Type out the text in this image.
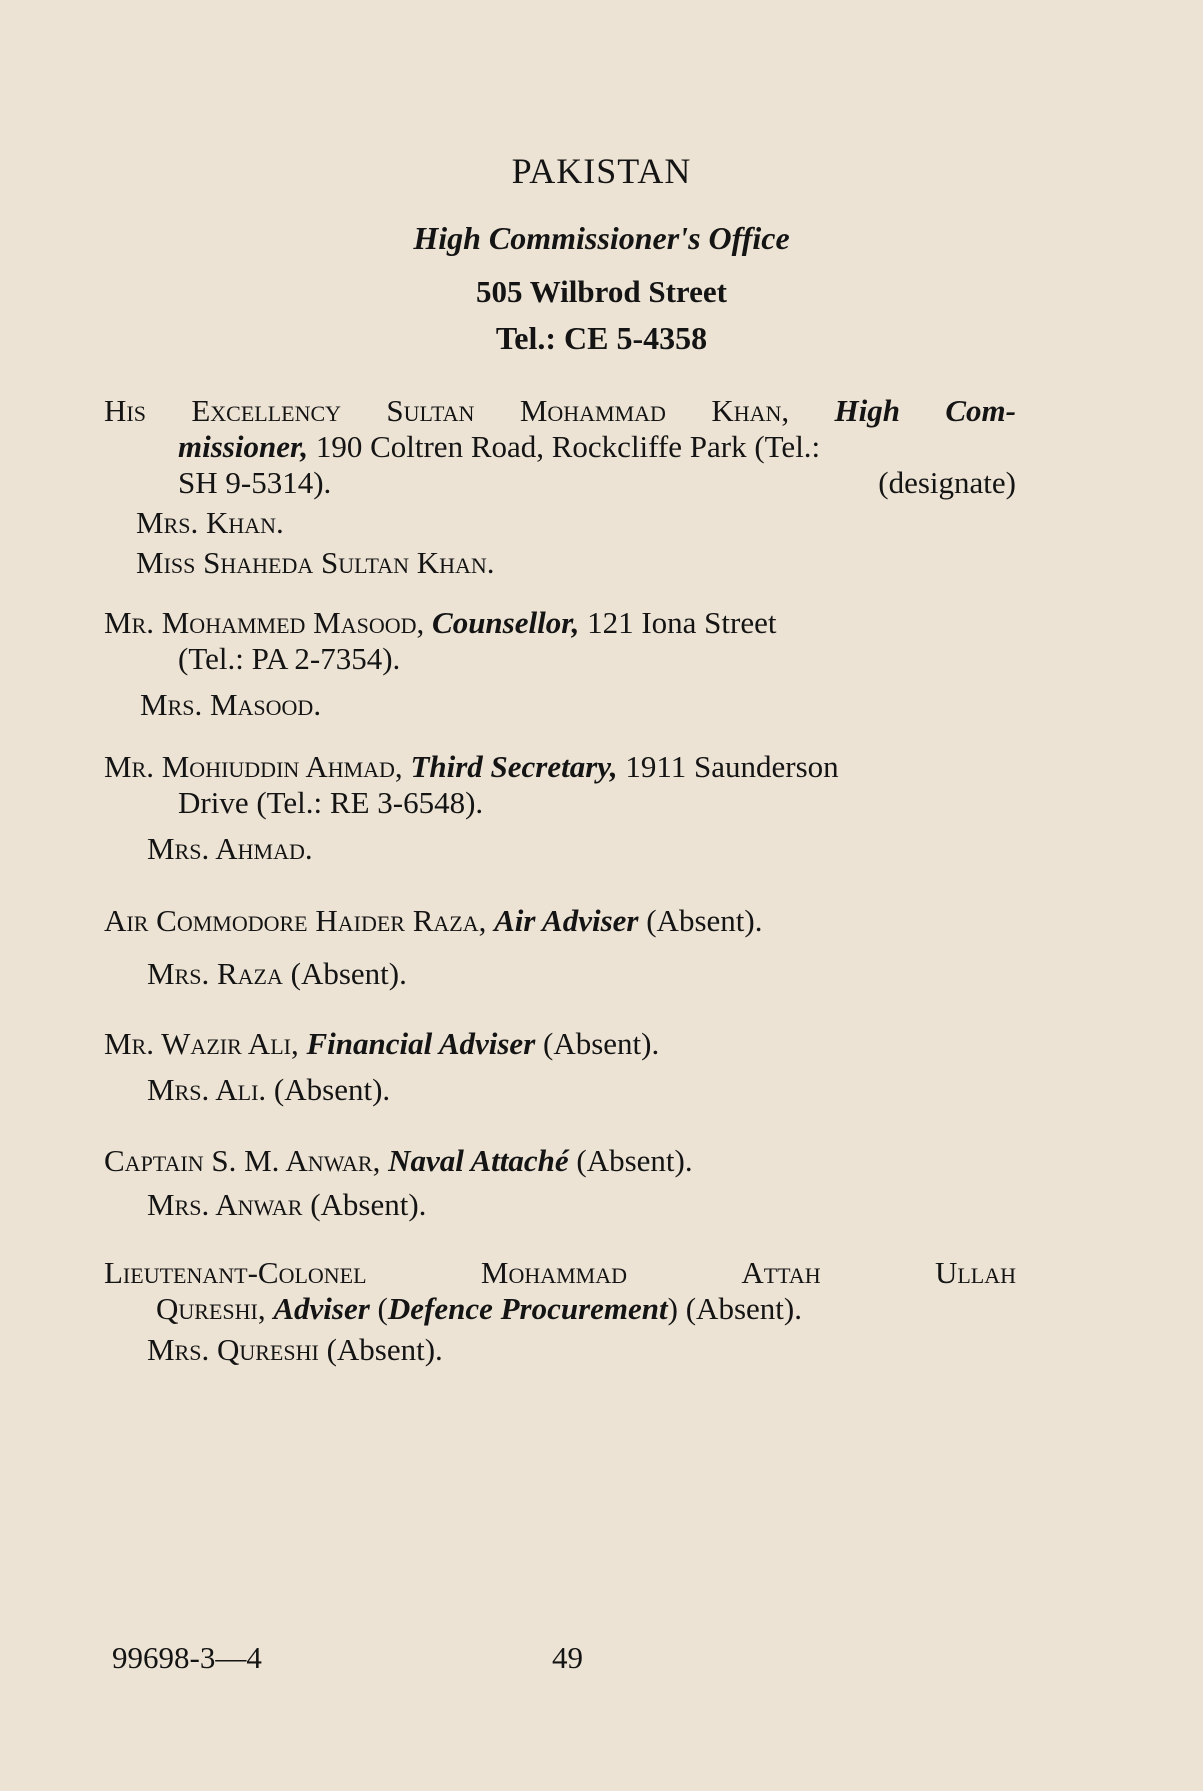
PAKISTAN
High Commissioner's Office
505 Wilbrod Street
Tel.: CE 5-4358
His Excellency Sultan Mohammad Khan, High Com-
missioner, 190 Coltren Road, Rockcliffe Park (Tel.:
SH 9-5314).	(designate)
Mrs. Khan.
Miss Shaheda Sultan Khan.
Mr. Mohammed Masood, Counsellor, 121 Iona Street
(Tel.: PA 2-7354).
Mrs. Masood.
Mr. Mohiuddin Ahmad, Third Secretary, 1911 Saunderson
Drive (Tel.: RE 3-6548).
Mrs. Ahmad.
Air Commodore Haider Raza, Air Adviser (Absent).
Mrs. Raza (Absent).
Mr. Wazir Ali, Financial Adviser (Absent).
Mrs. Ali. (Absent).
Captain S. M. Anwar, Naval Attaché (Absent).
Mrs. Anwar (Absent).
Lieutenant-Colonel	Mohammad	Attah	Ullah
Qureshi, Adviser (Defence Procurement) (Absent).
Mrs. Qureshi (Absent).
99698-3—4	49
